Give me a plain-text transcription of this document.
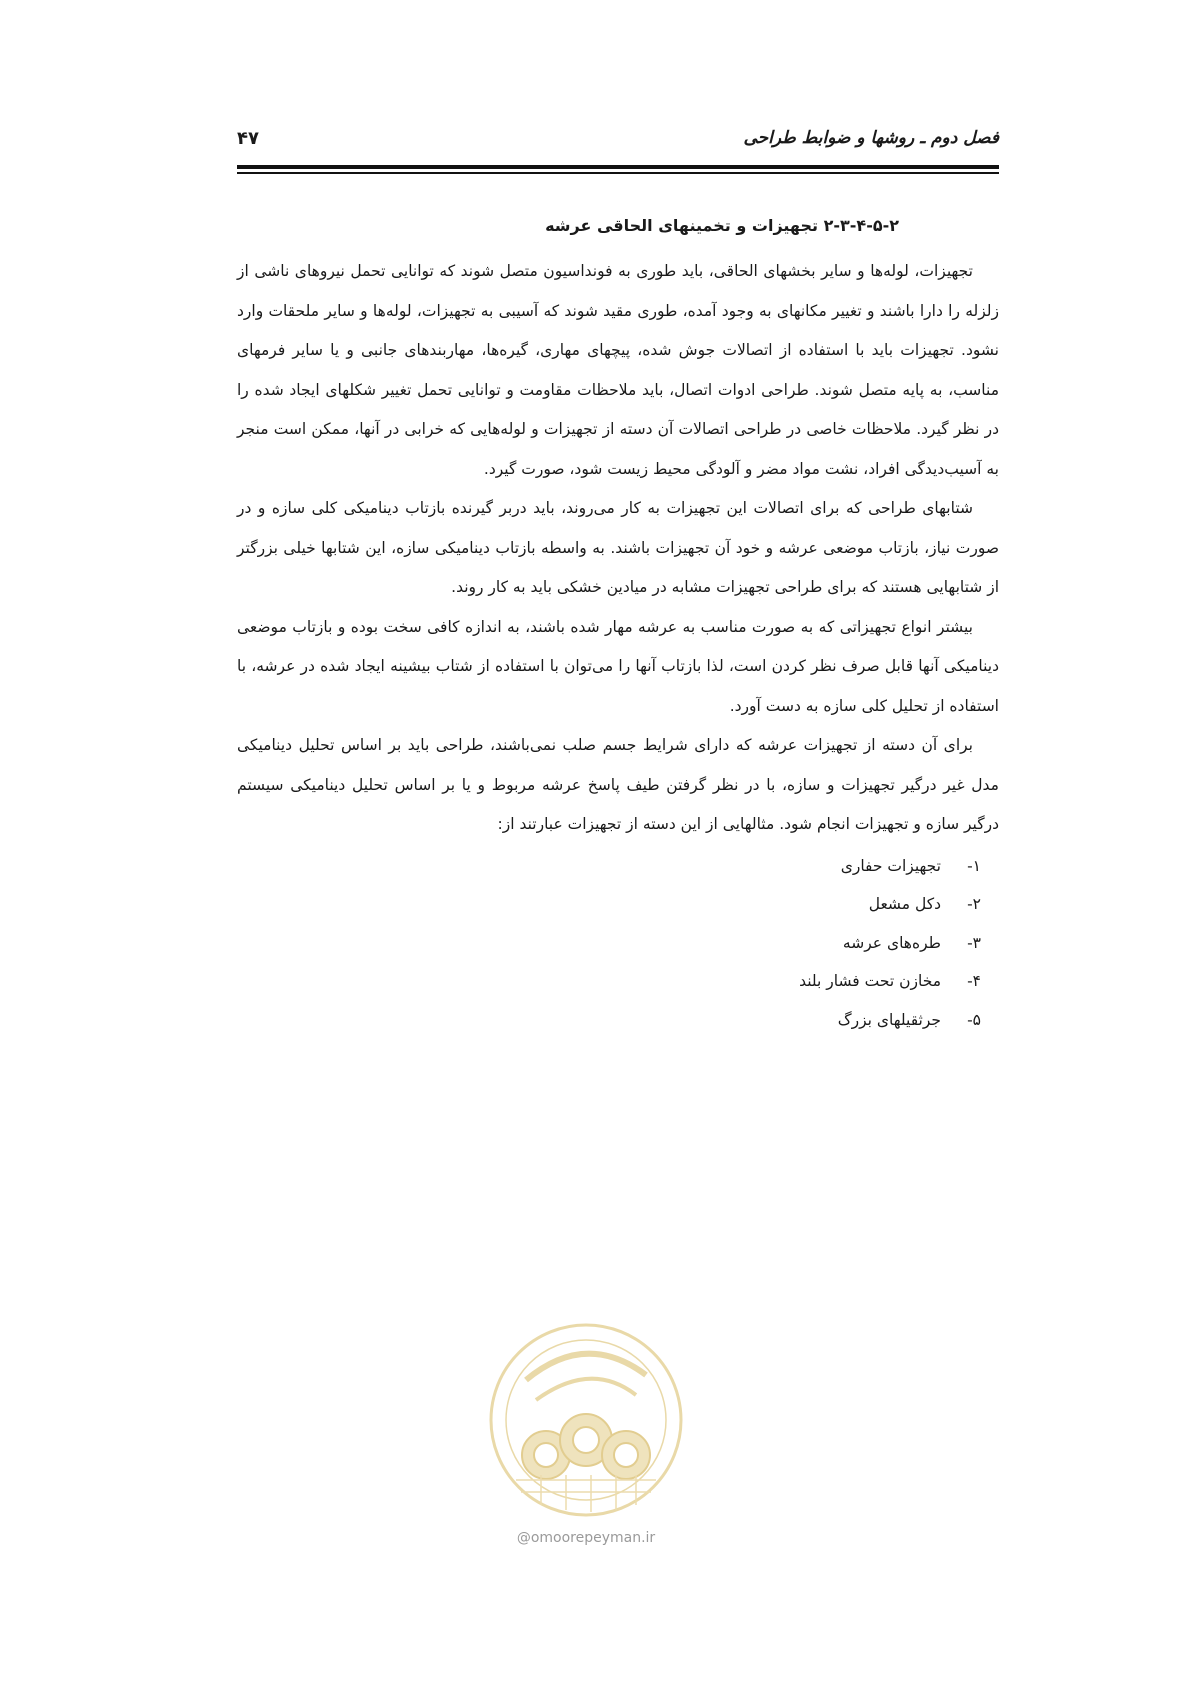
فصل دوم ـ روشها و ضوابط طراحی
۴۷
۲-۳-۴-۵-۲ تجهیزات و تخمینهای الحاقی عرشه

تجهیزات، لوله‌ها و سایر بخشهای الحاقی، باید طوری به فونداسیون متصل شوند که توانایی تحمل نیروهای ناشی از زلزله را دارا باشند و تغییر مکانهای به وجود آمده، طوری مقید شوند که آسیبی به تجهیزات، لوله‌ها و سایر ملحقات وارد نشود. تجهیزات باید با استفاده از اتصالات جوش شده، پیچهای مهاری، گیره‌ها، مهاربندهای جانبی و یا سایر فرمهای مناسب، به پایه متصل شوند. طراحی ادوات اتصال، باید ملاحظات مقاومت و توانایی تحمل تغییر شکلهای ایجاد شده را در نظر گیرد. ملاحظات خاصی در طراحی اتصالات آن دسته از تجهیزات و لوله‌هایی که خرابی در آنها، ممکن است منجر به آسیب‌دیدگی افراد، نشت مواد مضر و آلودگی محیط زیست شود، صورت گیرد.

شتابهای طراحی که برای اتصالات این تجهیزات به کار می‌روند، باید دربر گیرنده بازتاب دینامیکی کلی سازه و در صورت نیاز، بازتاب موضعی عرشه و خود آن تجهیزات باشند. به واسطه بازتاب دینامیکی سازه، این شتابها خیلی بزرگتر از شتابهایی هستند که برای طراحی تجهیزات مشابه در میادین خشکی باید به کار روند.

بیشتر انواع تجهیزاتی که به صورت مناسب به عرشه مهار شده باشند، به اندازه کافی سخت بوده و بازتاب موضعی دینامیکی آنها قابل صرف نظر کردن است، لذا بازتاب آنها را می‌توان با استفاده از شتاب بیشینه ایجاد شده در عرشه، با استفاده از تحلیل کلی سازه به دست آورد.

برای آن دسته از تجهیزات عرشه که دارای شرایط جسم صلب نمی‌باشند، طراحی باید بر اساس تحلیل دینامیکی مدل غیر درگیر تجهیزات و سازه، با در نظر گرفتن طیف پاسخ عرشه مربوط و یا بر اساس تحلیل دینامیکی سیستم درگیر سازه و تجهیزات انجام شود. مثالهایی از این دسته از تجهیزات عبارتند از:

۱-تجهیزات حفاری
۲-دکل مشعل
۳-طره‌های عرشه
۴-مخازن تحت فشار بلند
۵-جرثقیلهای بزرگ
@omoorepeyman.ir
